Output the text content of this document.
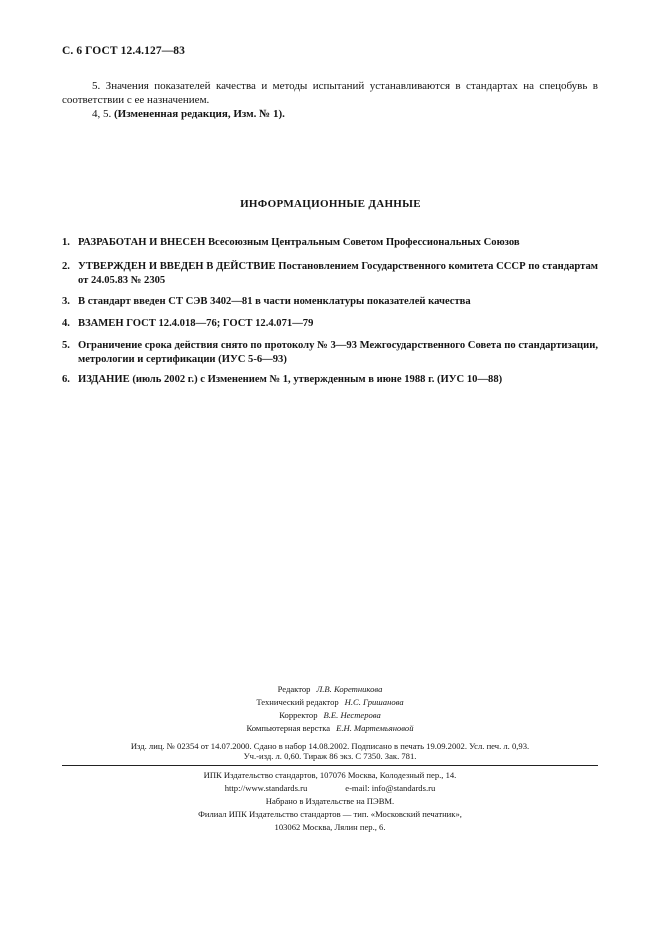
С. 6 ГОСТ 12.4.127—83
5. Значения показателей качества и методы испытаний устанавливаются в стандартах на спецобувь в соответствии с ее назначением.
4, 5. (Измененная редакция, Изм. № 1).
ИНФОРМАЦИОННЫЕ ДАННЫЕ
1. РАЗРАБОТАН И ВНЕСЕН Всесоюзным Центральным Советом Профессиональных Союзов
2. УТВЕРЖДЕН И ВВЕДЕН В ДЕЙСТВИЕ Постановлением Государственного комитета СССР по стандартам от 24.05.83 № 2305
3. В стандарт введен СТ СЭВ 3402—81 в части номенклатуры показателей качества
4. ВЗАМЕН ГОСТ 12.4.018—76; ГОСТ 12.4.071—79
5. Ограничение срока действия снято по протоколу № 3—93 Межгосударственного Совета по стандартизации, метрологии и сертификации (ИУС 5-6—93)
6. ИЗДАНИЕ (июль 2002 г.) с Изменением № 1, утвержденным в июне 1988 г. (ИУС 10—88)
Редактор Л.В. Коретникова
Технический редактор Н.С. Гришанова
Корректор В.Е. Нестерова
Компьютерная верстка Е.Н. Мартемьяновой
Изд. лиц. № 02354 от 14.07.2000. Сдано в набор 14.08.2002. Подписано в печать 19.09.2002. Усл. печ. л. 0,93.
Уч.-изд. л. 0,60. Тираж 86 экз. С 7350. Зак. 781.
ИПК Издательство стандартов, 107076 Москва, Колодезный пер., 14.
http://www.standards.ru	e-mail: info@standards.ru
Набрано в Издательстве на ПЭВМ.
Филиал ИПК Издательство стандартов — тип. «Московский печатник»,
103062 Москва, Лялин пер., 6.
